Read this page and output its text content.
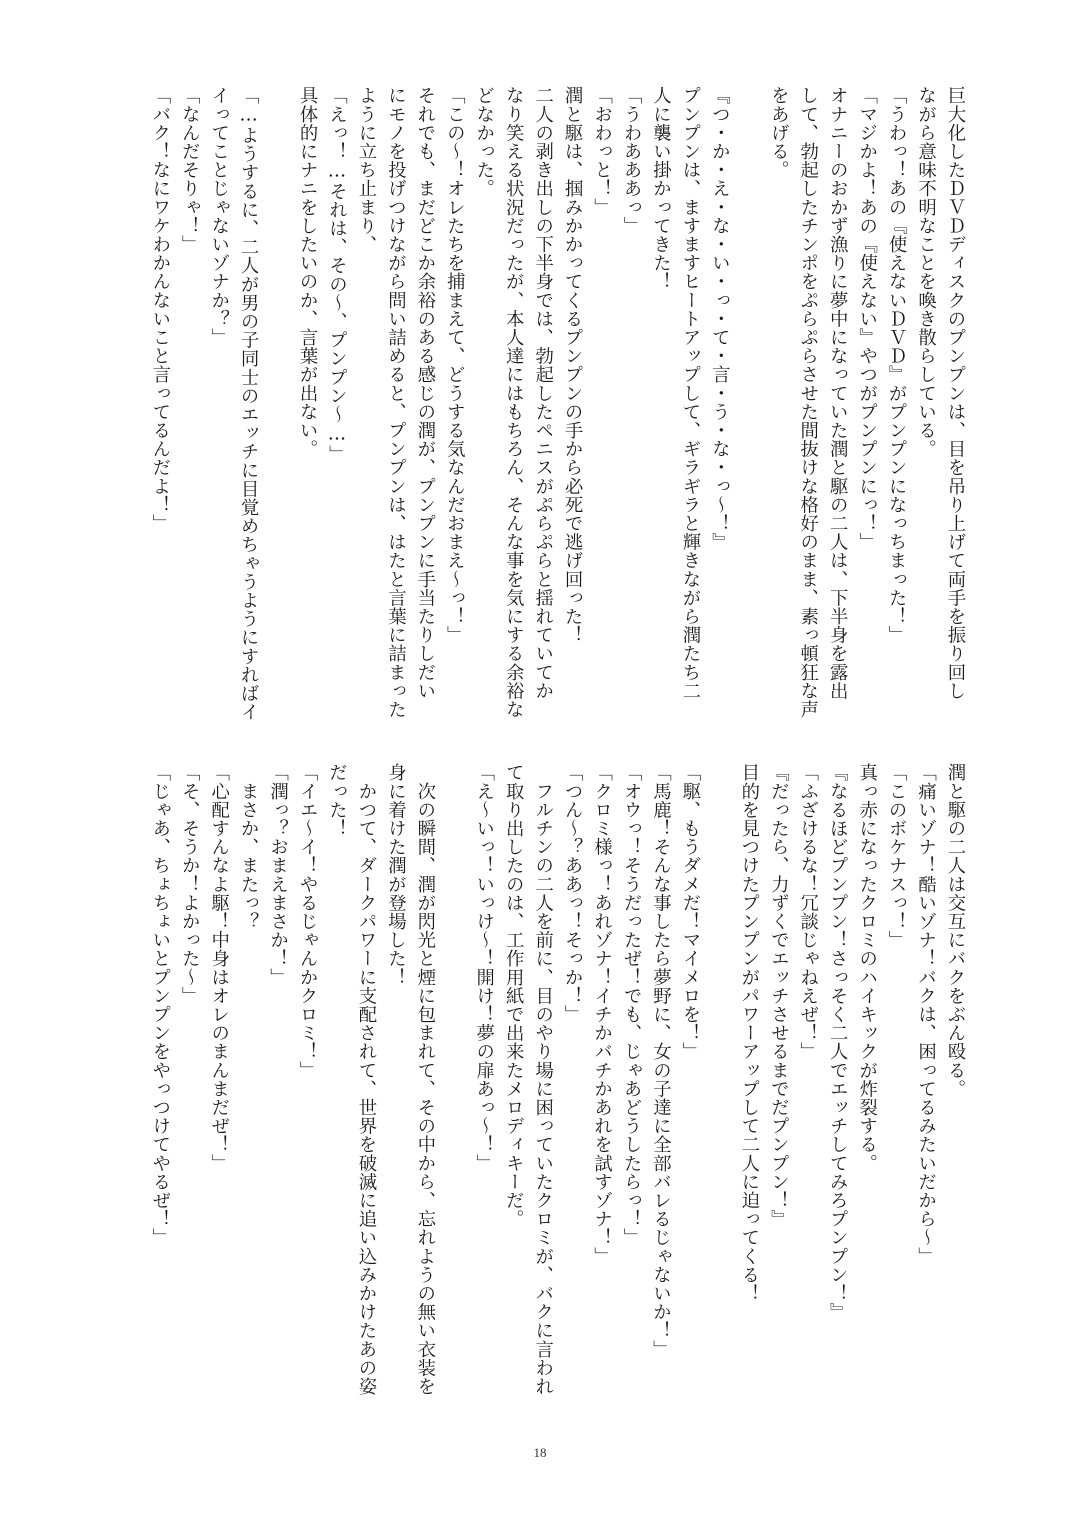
巨大化したＤＶＤディスクのプンプンは、目を吊り上げて両手を振り回し
ながら意味不明なことを喚き散らしている。
「うわっ！あの『使えないＤＶＤ』がプンプンになっちまった！」
「マジかよ！あの『使えない』やつがプンプンにっ！」
オナニーのおかず漁りに夢中になっていた潤と駆の二人は、下半身を露出
して、勃起したチンポをぷらぷらさせた間抜けな格好のまま、素っ頓狂な声
をあげる。

『つ・か・え・な・い・っ・て・言・う・な・っ〜！』
プンプンは、ますますヒートアップして、ギラギラと輝きながら潤たち二
人に襲い掛かってきた！
「うわあああっ」
「おわっと！」
潤と駆は、掴みかかってくるプンプンの手から必死で逃げ回った！
二人の剥き出しの下半身では、勃起したペニスがぷらぷらと揺れていてか
なり笑える状況だったが、本人達にはもちろん、そんな事を気にする余裕な
どなかった。
「この〜！オレたちを捕まえて、どうする気なんだおまえ〜っ！」
それでも、まだどこか余裕のある感じの潤が、プンプンに手当たりしだい
にモノを投げつけながら問い詰めると、プンプンは、はたと言葉に詰まった
ように立ち止まり、
「えっ！…それは、その〜、プンプン〜…」
具体的にナニをしたいのか、言葉が出ない。

「…ようするに、二人が男の子同士のエッチに目覚めちゃうようにすればイ
イってことじゃないゾナか？」
「なんだそりゃ！」
「バク！なにワケわかんないこと言ってるんだよ！」
潤と駆の二人は交互にバクをぶん殴る。
「痛いゾナ！酷いゾナ！バクは、困ってるみたいだから〜」
「このボケナスっ！」
真っ赤になったクロミのハイキックが炸裂する。
『なるほどプンプン！さっそく二人でエッチしてみろプンプン！』
「ふざけるな！冗談じゃねえぜ！」
『だったら、力ずくでエッチさせるまでだプンプン！』
目的を見つけたプンプンがパワーアップして二人に迫ってくる！

「駆、もうダメだ！マイメロを！」
「馬鹿！そんな事したら夢野に、女の子達に全部バレるじゃないか！」
「オウっ！そうだったぜ！でも、じゃあどうしたらっ！」
「クロミ様っ！あれゾナ！イチかバチかあれを試すゾナ！」
「つん〜？ああっ！そっか！」
　フルチンの二人を前に、目のやり場に困っていたクロミが、バクに言われ
て取り出したのは、工作用紙で出来たメロディキーだ。
「え〜いっ！いっけ〜！開け！夢の扉あっ〜！」

　次の瞬間、潤が閃光と煙に包まれて、その中から、忘れようの無い衣装を
身に着けた潤が登場した！
　かつて、ダークパワーに支配されて、世界を破滅に追い込みかけたあの姿
だった！
「イエ〜イ！やるじゃんかクロミ！」
「潤っ？おまえまさか！」
　まさか、またっ？
「心配すんなよ駆！中身はオレのまんまだぜ！」
「そ、そうか！よかった〜」
「じゃあ、ちょちょいとプンプンをやっつけてやるぜ！」
18
